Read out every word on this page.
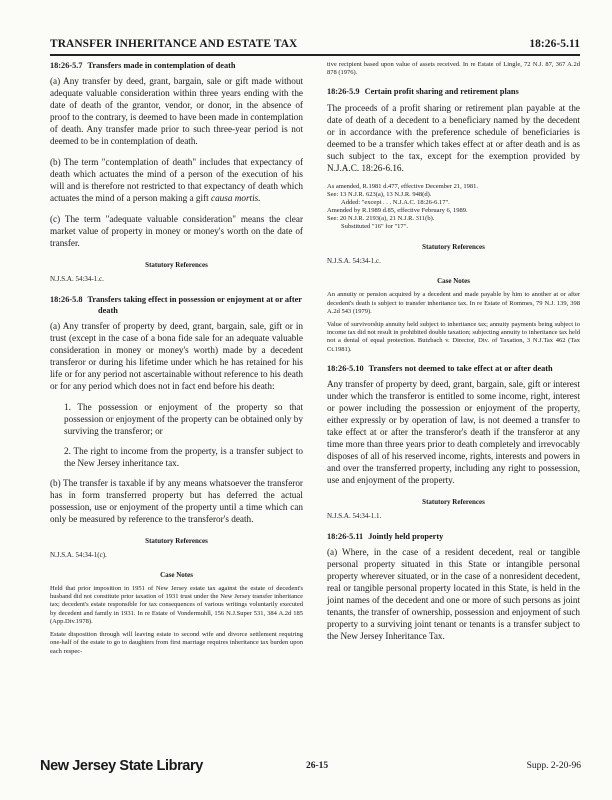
TRANSFER INHERITANCE AND ESTATE TAX	18:26-5.11
18:26-5.7 Transfers made in contemplation of death

(a) Any transfer by deed, grant, bargain, sale or gift made without adequate valuable consideration within three years ending with the date of death of the grantor, vendor, or donor, in the absence of proof to the contrary, is deemed to have been made in contemplation of death. Any transfer made prior to such three-year period is not deemed to be in contemplation of death.

(b) The term "contemplation of death" includes that expectancy of death which actuates the mind of a person of the execution of his will and is therefore not restricted to that expectancy of death which actuates the mind of a person making a gift causa mortis.

(c) The term "adequate valuable consideration" means the clear market value of property in money or money's worth on the date of transfer.

Statutory References
N.J.S.A. 54:34-1.c.
18:26-5.8 Transfers taking effect in possession or enjoyment at or after death

(a) Any transfer of property by deed, grant, bargain, sale, gift or in trust (except in the case of a bona fide sale for an adequate valuable consideration in money or money's worth) made by a decedent transferor or during his lifetime under which he has retained for his life or for any period not ascertainable without reference to his death or for any period which does not in fact end before his death:

1. The possession or enjoyment of the property so that possession or enjoyment of the property can be obtained only by surviving the transferor; or

2. The right to income from the property, is a transfer subject to the New Jersey inheritance tax.

(b) The transfer is taxable if by any means whatsoever the transferor has in form transferred property but has deferred the actual possession, use or enjoyment of the property until a time which can only be measured by reference to the transferor's death.

Statutory References
N.J.S.A. 54:34-1(c).
Case Notes

Held that prior imposition in 1951 of New Jersey estate tax against the estate of decedent's husband did not constitute prior taxation of 1931 trust under the New Jersey transfer inheritance tax; decedent's estate responsible for tax consequences of various writings voluntarily executed by decedent and family in 1931. In re Estate of Vondermuhll, 156 N.J.Super 531, 384 A.2d 185 (App.Div.1978).

Estate disposition through will leaving estate to second wife and divorce settlement requiring one-half of the estate to go to daughters from first marriage requires inheritance tax burden upon each respec-

tive recipient based upon value of assets received. In re Estate of Lingle, 72 N.J. 87, 367 A.2d 878 (1976).

18:26-5.9 Certain profit sharing and retirement plans

The proceeds of a profit sharing or retirement plan payable at the date of death of a decedent to a beneficiary named by the decedent or in accordance with the preference schedule of beneficiaries is deemed to be a transfer which takes effect at or after death and is as such subject to the tax, except for the exemption provided by N.J.A.C. 18:26-6.16.

As amended, R.1981 d.477, effective December 21, 1981.
See: 13 N.J.R. 623(a), 13 N.J.R. 948(d).
Added: "except . . . N.J.A.C. 18:26-6.17".
Amended by R.1989 d.85, effective February 6, 1989.
See: 20 N.J.R. 2193(a), 21 N.J.R. 311(b).
Substituted "16" for "17".
Statutory References
N.J.S.A. 54:34-1.c.
Case Notes

An annuity or pension acquired by a decedent and made payable by him to another at or after decedent's death is subject to transfer inheritance tax. In re Estate of Rommes, 79 N.J. 139, 398 A.2d 543 (1979).

Value of survivorship annuity held subject to inheritance tax; annuity payments being subject to income tax did not result in prohibited double taxation; subjecting annuity to inheritance tax held not a denial of equal protection. Butzbach v. Director, Div. of Taxation, 3 N.J.Tax 462 (Tax Ct.1981).

18:26-5.10 Transfers not deemed to take effect at or after death

Any transfer of property by deed, grant, bargain, sale, gift or interest under which the transferor is entitled to some income, right, interest or power including the possession or enjoyment of the property, either expressly or by operation of law, is not deemed a transfer to take effect at or after the transferor's death if the transferor at any time more than three years prior to death completely and irrevocably disposes of all of his reserved income, rights, interests and powers in and over the transferred property, including any right to possession, use and enjoyment of the property.

Statutory References
N.J.S.A. 54:34-1.1.
18:26-5.11 Jointly held property

(a) Where, in the case of a resident decedent, real or tangible personal property situated in this State or intangible personal property wherever situated, or in the case of a nonresident decedent, real or tangible personal property located in this State, is held in the joint names of the decedent and one or more of such persons as joint tenants, the transfer of ownership, possession and enjoyment of such property to a surviving joint tenant or tenants is a transfer subject to the New Jersey Inheritance Tax.

New Jersey State Library	26-15	Supp. 2-20-96
